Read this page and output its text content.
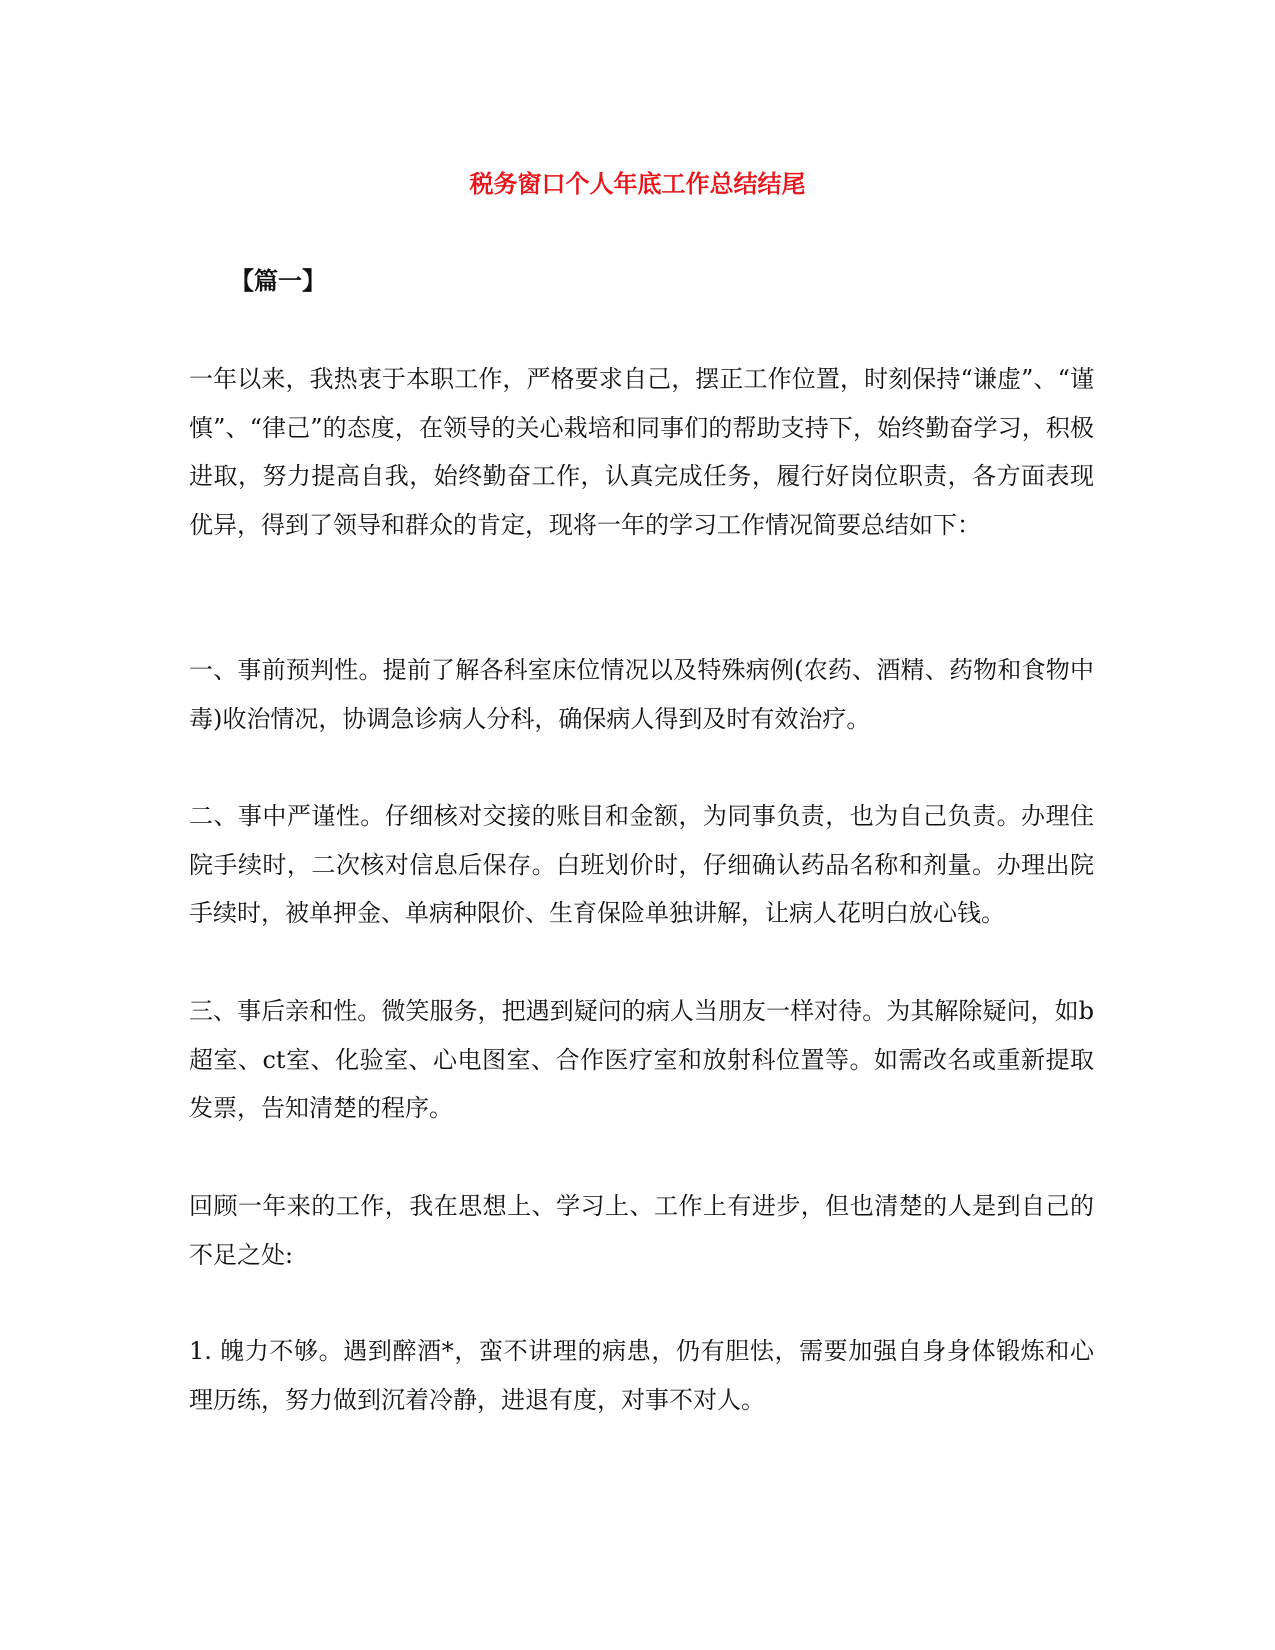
税务窗口个人年底工作总结结尾
【篇一】
一年以来，我热衷于本职工作，严格要求自己，摆正工作位置，时刻保持“谦虚”、“谨慎”、“律己”的态度，在领导的关心栽培和同事们的帮助支持下，始终勤奋学习，积极进取，努力提高自我，始终勤奋工作，认真完成任务，履行好岗位职责，各方面表现优异，得到了领导和群众的肯定，现将一年的学习工作情况简要总结如下：
一、事前预判性。提前了解各科室床位情况以及特殊病例(农药、酒精、药物和食物中毒)收治情况，协调急诊病人分科，确保病人得到及时有效治疗。
二、事中严谨性。仔细核对交接的账目和金额，为同事负责，也为自己负责。办理住院手续时，二次核对信息后保存。白班划价时，仔细确认药品名称和剂量。办理出院手续时，被单押金、单病种限价、生育保险单独讲解，让病人花明白放心钱。
三、事后亲和性。微笑服务，把遇到疑问的病人当朋友一样对待。为其解除疑问，如b超室、ct室、化验室、心电图室、合作医疗室和放射科位置等。如需改名或重新提取发票，告知清楚的程序。
回顾一年来的工作，我在思想上、学习上、工作上有进步，但也清楚的人是到自己的不足之处:
1. 魄力不够。遇到醉酒*，蛮不讲理的病患，仍有胆怯，需要加强自身身体锻炼和心理历练，努力做到沉着冷静，进退有度，对事不对人。
